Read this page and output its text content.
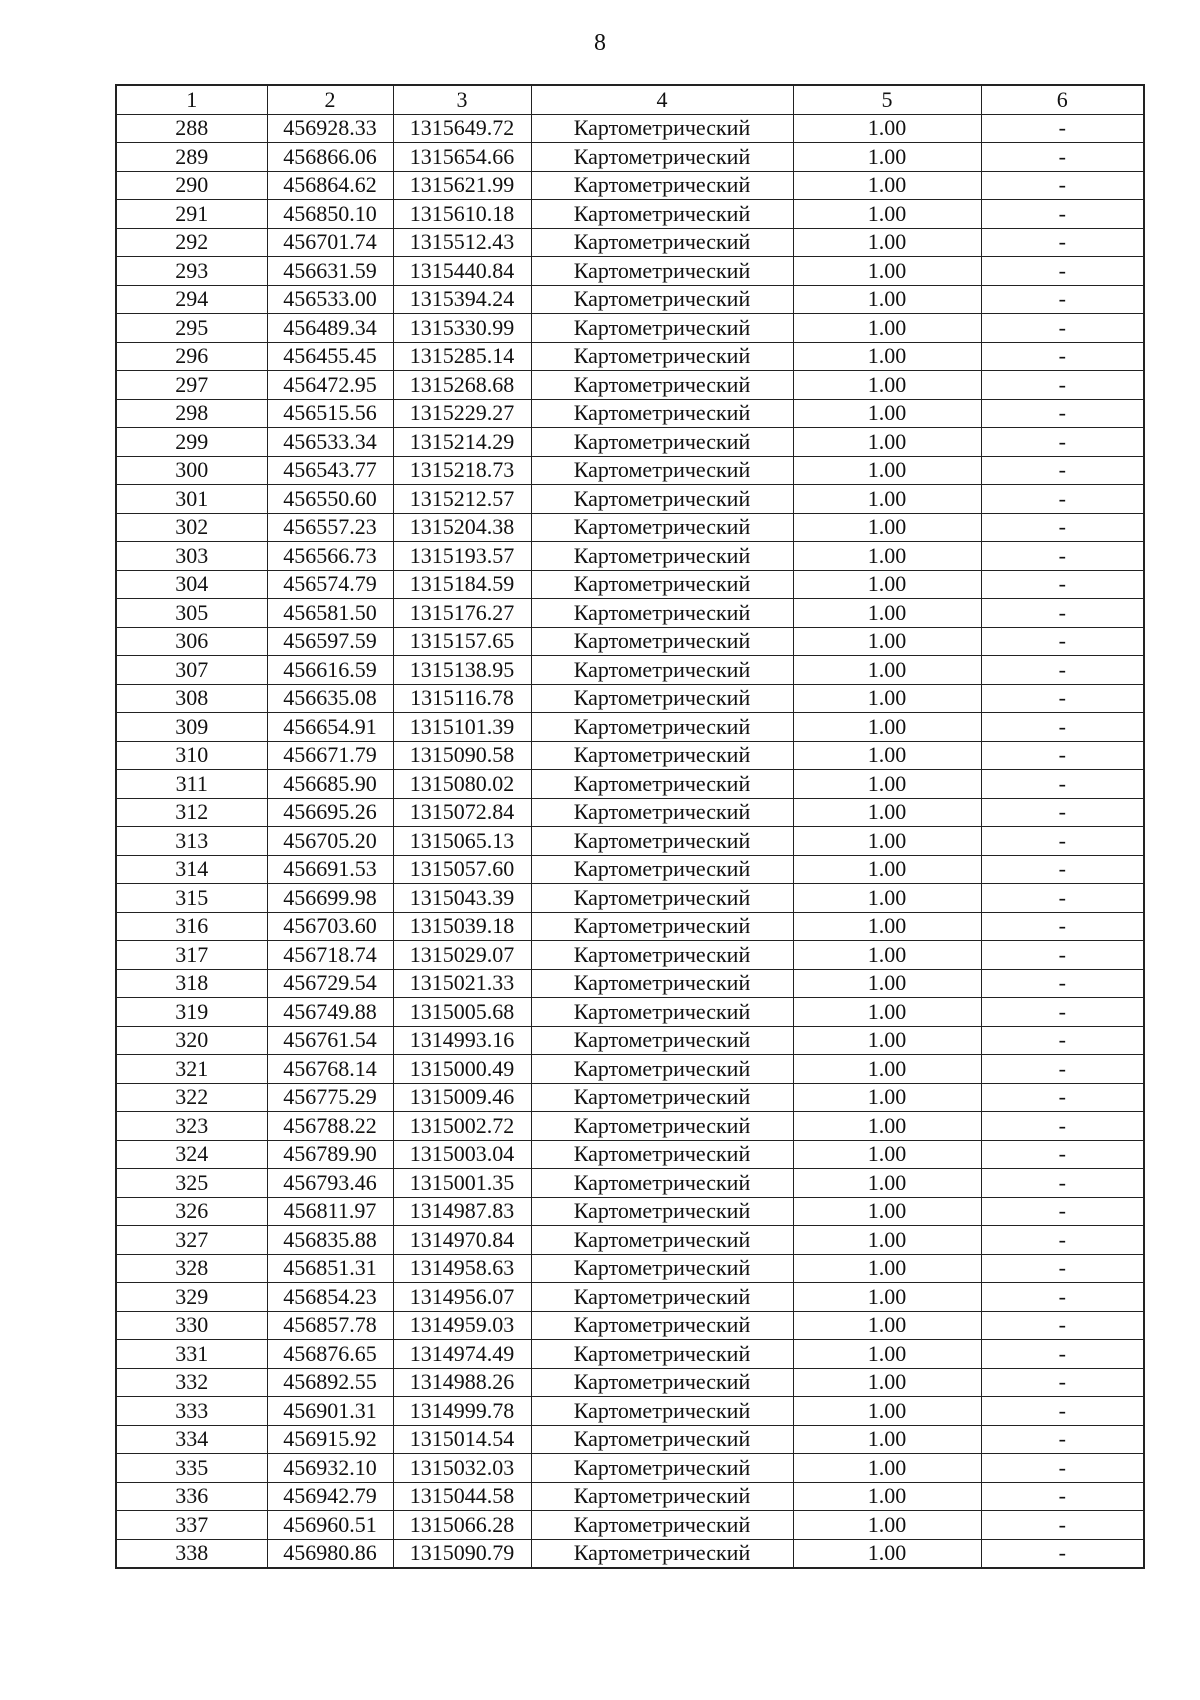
8
1	2	3	4	5	6
288	456928.33	1315649.72	Картометрический	1.00	-
289	456866.06	1315654.66	Картометрический	1.00	-
290	456864.62	1315621.99	Картометрический	1.00	-
291	456850.10	1315610.18	Картометрический	1.00	-
292	456701.74	1315512.43	Картометрический	1.00	-
293	456631.59	1315440.84	Картометрический	1.00	-
294	456533.00	1315394.24	Картометрический	1.00	-
295	456489.34	1315330.99	Картометрический	1.00	-
296	456455.45	1315285.14	Картометрический	1.00	-
297	456472.95	1315268.68	Картометрический	1.00	-
298	456515.56	1315229.27	Картометрический	1.00	-
299	456533.34	1315214.29	Картометрический	1.00	-
300	456543.77	1315218.73	Картометрический	1.00	-
301	456550.60	1315212.57	Картометрический	1.00	-
302	456557.23	1315204.38	Картометрический	1.00	-
303	456566.73	1315193.57	Картометрический	1.00	-
304	456574.79	1315184.59	Картометрический	1.00	-
305	456581.50	1315176.27	Картометрический	1.00	-
306	456597.59	1315157.65	Картометрический	1.00	-
307	456616.59	1315138.95	Картометрический	1.00	-
308	456635.08	1315116.78	Картометрический	1.00	-
309	456654.91	1315101.39	Картометрический	1.00	-
310	456671.79	1315090.58	Картометрический	1.00	-
311	456685.90	1315080.02	Картометрический	1.00	-
312	456695.26	1315072.84	Картометрический	1.00	-
313	456705.20	1315065.13	Картометрический	1.00	-
314	456691.53	1315057.60	Картометрический	1.00	-
315	456699.98	1315043.39	Картометрический	1.00	-
316	456703.60	1315039.18	Картометрический	1.00	-
317	456718.74	1315029.07	Картометрический	1.00	-
318	456729.54	1315021.33	Картометрический	1.00	-
319	456749.88	1315005.68	Картометрический	1.00	-
320	456761.54	1314993.16	Картометрический	1.00	-
321	456768.14	1315000.49	Картометрический	1.00	-
322	456775.29	1315009.46	Картометрический	1.00	-
323	456788.22	1315002.72	Картометрический	1.00	-
324	456789.90	1315003.04	Картометрический	1.00	-
325	456793.46	1315001.35	Картометрический	1.00	-
326	456811.97	1314987.83	Картометрический	1.00	-
327	456835.88	1314970.84	Картометрический	1.00	-
328	456851.31	1314958.63	Картометрический	1.00	-
329	456854.23	1314956.07	Картометрический	1.00	-
330	456857.78	1314959.03	Картометрический	1.00	-
331	456876.65	1314974.49	Картометрический	1.00	-
332	456892.55	1314988.26	Картометрический	1.00	-
333	456901.31	1314999.78	Картометрический	1.00	-
334	456915.92	1315014.54	Картометрический	1.00	-
335	456932.10	1315032.03	Картометрический	1.00	-
336	456942.79	1315044.58	Картометрический	1.00	-
337	456960.51	1315066.28	Картометрический	1.00	-
338	456980.86	1315090.79	Картометрический	1.00	-
